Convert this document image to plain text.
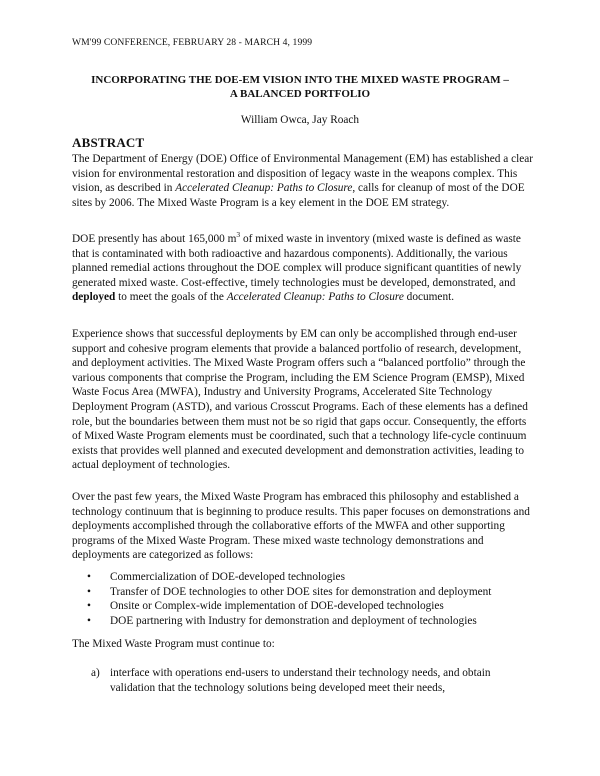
WM'99 CONFERENCE, FEBRUARY 28 - MARCH 4, 1999
INCORPORATING THE DOE-EM VISION INTO THE MIXED WASTE PROGRAM –
A BALANCED PORTFOLIO
William Owca, Jay Roach
ABSTRACT

The Department of Energy (DOE) Office of Environmental Management (EM) has established a clear vision for environmental restoration and disposition of legacy waste in the weapons complex. This vision, as described in Accelerated Cleanup: Paths to Closure, calls for cleanup of most of the DOE sites by 2006. The Mixed Waste Program is a key element in the DOE EM strategy.

DOE presently has about 165,000 $m^3$ of mixed waste in inventory (mixed waste is defined as waste that is contaminated with both radioactive and hazardous components). Additionally, the various planned remedial actions throughout the DOE complex will produce significant quantities of newly generated mixed waste. Cost-effective, timely technologies must be developed, demonstrated, and deployed to meet the goals of the Accelerated Cleanup: Paths to Closure document.

Experience shows that successful deployments by EM can only be accomplished through end-user support and cohesive program elements that provide a balanced portfolio of research, development, and deployment activities. The Mixed Waste Program offers such a “balanced portfolio” through the various components that comprise the Program, including the EM Science Program (EMSP), Mixed Waste Focus Area (MWFA), Industry and University Programs, Accelerated Site Technology Deployment Program (ASTD), and various Crosscut Programs. Each of these elements has a defined role, but the boundaries between them must not be so rigid that gaps occur. Consequently, the efforts of Mixed Waste Program elements must be coordinated, such that a technology life-cycle continuum exists that provides well planned and executed development and demonstration activities, leading to actual deployment of technologies.

Over the past few years, the Mixed Waste Program has embraced this philosophy and established a technology continuum that is beginning to produce results. This paper focuses on demonstrations and deployments accomplished through the collaborative efforts of the MWFA and other supporting programs of the Mixed Waste Program. These mixed waste technology demonstrations and deployments are categorized as follows:

• Commercialization of DOE-developed technologies
• Transfer of DOE technologies to other DOE sites for demonstration and deployment
• Onsite or Complex-wide implementation of DOE-developed technologies
• DOE partnering with Industry for demonstration and deployment of technologies

The Mixed Waste Program must continue to:

a) interface with operations end-users to understand their technology needs, and obtain validation that the technology solutions being developed meet their needs,
